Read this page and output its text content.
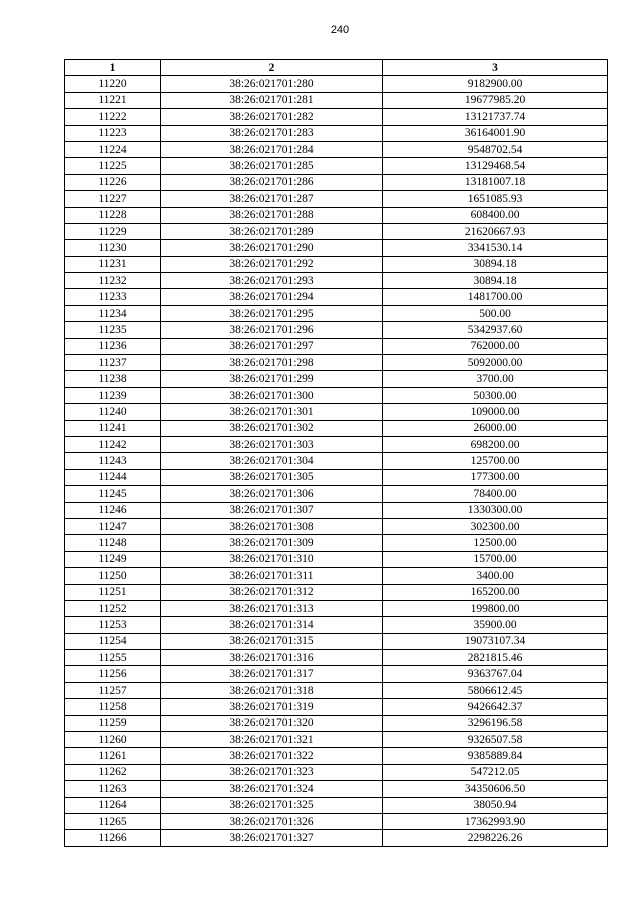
240
1	2	3
11220	38:26:021701:280	9182900.00
11221	38:26:021701:281	19677985.20
11222	38:26:021701:282	13121737.74
11223	38:26:021701:283	36164001.90
11224	38:26:021701:284	9548702.54
11225	38:26:021701:285	13129468.54
11226	38:26:021701:286	13181007.18
11227	38:26:021701:287	1651085.93
11228	38:26:021701:288	608400.00
11229	38:26:021701:289	21620667.93
11230	38:26:021701:290	3341530.14
11231	38:26:021701:292	30894.18
11232	38:26:021701:293	30894.18
11233	38:26:021701:294	1481700.00
11234	38:26:021701:295	500.00
11235	38:26:021701:296	5342937.60
11236	38:26:021701:297	762000.00
11237	38:26:021701:298	5092000.00
11238	38:26:021701:299	3700.00
11239	38:26:021701:300	50300.00
11240	38:26:021701:301	109000.00
11241	38:26:021701:302	26000.00
11242	38:26:021701:303	698200.00
11243	38:26:021701:304	125700.00
11244	38:26:021701:305	177300.00
11245	38:26:021701:306	78400.00
11246	38:26:021701:307	1330300.00
11247	38:26:021701:308	302300.00
11248	38:26:021701:309	12500.00
11249	38:26:021701:310	15700.00
11250	38:26:021701:311	3400.00
11251	38:26:021701:312	165200.00
11252	38:26:021701:313	199800.00
11253	38:26:021701:314	35900.00
11254	38:26:021701:315	19073107.34
11255	38:26:021701:316	2821815.46
11256	38:26:021701:317	9363767.04
11257	38:26:021701:318	5806612.45
11258	38:26:021701:319	9426642.37
11259	38:26:021701:320	3296196.58
11260	38:26:021701:321	9326507.58
11261	38:26:021701:322	9385889.84
11262	38:26:021701:323	547212.05
11263	38:26:021701:324	34350606.50
11264	38:26:021701:325	38050.94
11265	38:26:021701:326	17362993.90
11266	38:26:021701:327	2298226.26
